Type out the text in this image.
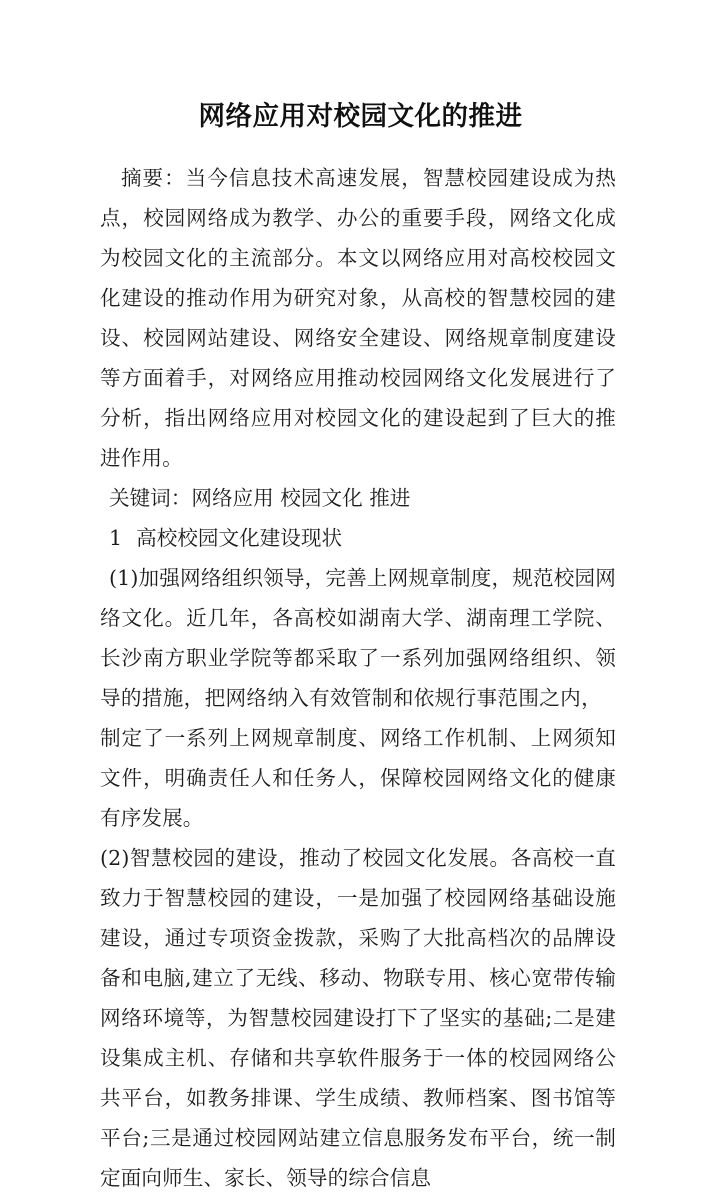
网络应用对校园文化的推进

摘要：当今信息技术高速发展，智慧校园建设成为热点，校园网络成为教学、办公的重要手段，网络文化成为校园文化的主流部分。本文以网络应用对高校校园文化建设的推动作用为研究对象，从高校的智慧校园的建设、校园网站建设、网络安全建设、网络规章制度建设等方面着手，对网络应用推动校园网络文化发展进行了分析，指出网络应用对校园文化的建设起到了巨大的推进作用。

关键词：网络应用 校园文化 推进

1 高校校园文化建设现状

(1)加强网络组织领导，完善上网规章制度，规范校园网络文化。近几年，各高校如湖南大学、湖南理工学院、长沙南方职业学院等都采取了一系列加强网络组织、领导的措施，把网络纳入有效管制和依规行事范围之内，制定了一系列上网规章制度、网络工作机制、上网须知文件，明确责任人和任务人，保障校园网络文化的健康有序发展。

(2)智慧校园的建设，推动了校园文化发展。各高校一直致力于智慧校园的建设，一是加强了校园网络基础设施建设，通过专项资金拨款，采购了大批高档次的品牌设备和电脑,建立了无线、移动、物联专用、核心宽带传输网络环境等，为智慧校园建设打下了坚实的基础;二是建设集成主机、存储和共享软件服务于一体的校园网络公共平台，如教务排课、学生成绩、教师档案、图书馆等平台;三是通过校园网站建立信息服务发布平台，统一制定面向师生、家长、领导的综合信息
